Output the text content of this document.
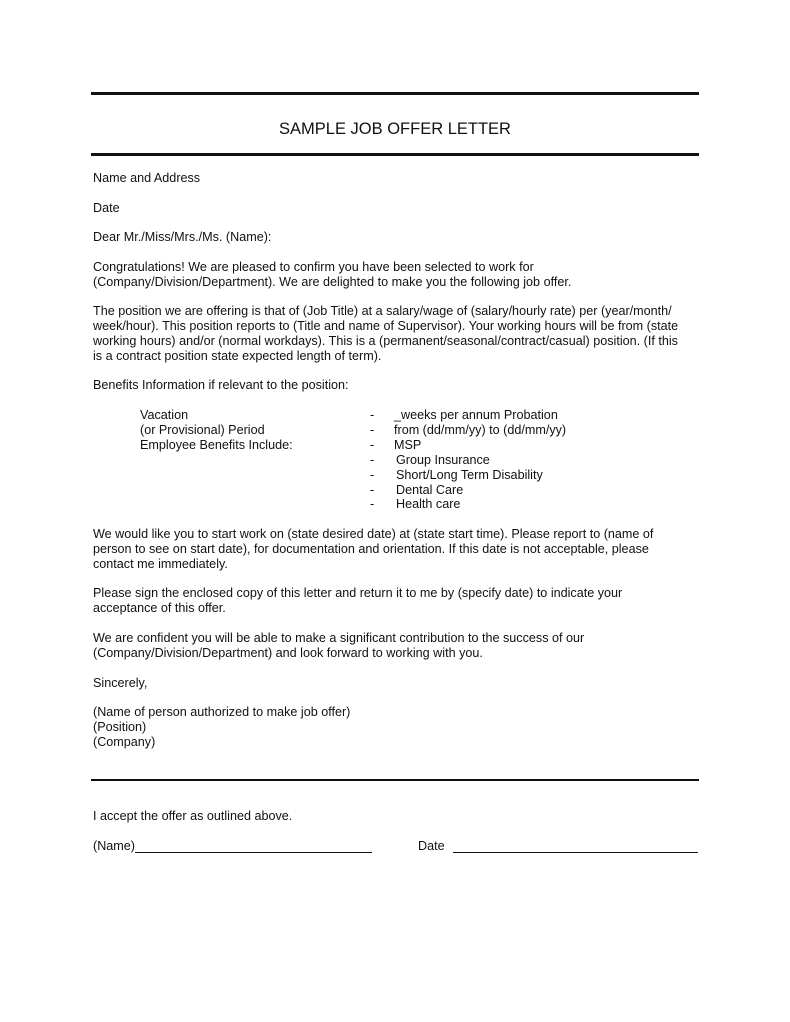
SAMPLE JOB OFFER LETTER
Name and Address
Date
Dear Mr./Miss/Mrs./Ms. (Name):
Congratulations! We are pleased to confirm you have been selected to work for
(Company/Division/Department). We are delighted to make you the following job offer.
The position we are offering is that of (Job Title) at a salary/wage of (salary/hourly rate) per (year/month/
week/hour). This position reports to (Title and name of Supervisor). Your working hours will be from (state
working hours) and/or (normal workdays). This is a (permanent/seasonal/contract/casual) position. (If this
is a contract position state expected length of term).
Benefits Information if relevant to the position:
Vacation
(or Provisional) Period
Employee Benefits Include:
- _weeks per annum Probation
- from (dd/mm/yy) to (dd/mm/yy)
- MSP
- Group Insurance
- Short/Long Term Disability
- Dental Care
- Health care
We would like you to start work on (state desired date) at (state start time). Please report to (name of
person to see on start date), for documentation and orientation. If this date is not acceptable, please
contact me immediately.
Please sign the enclosed copy of this letter and return it to me by (specify date) to indicate your
acceptance of this offer.
We are confident you will be able to make a significant contribution to the success of our
(Company/Division/Department) and look forward to working with you.
Sincerely,
(Name of person authorized to make job offer)
(Position)
(Company)
I accept the offer as outlined above.
(Name)	Date
